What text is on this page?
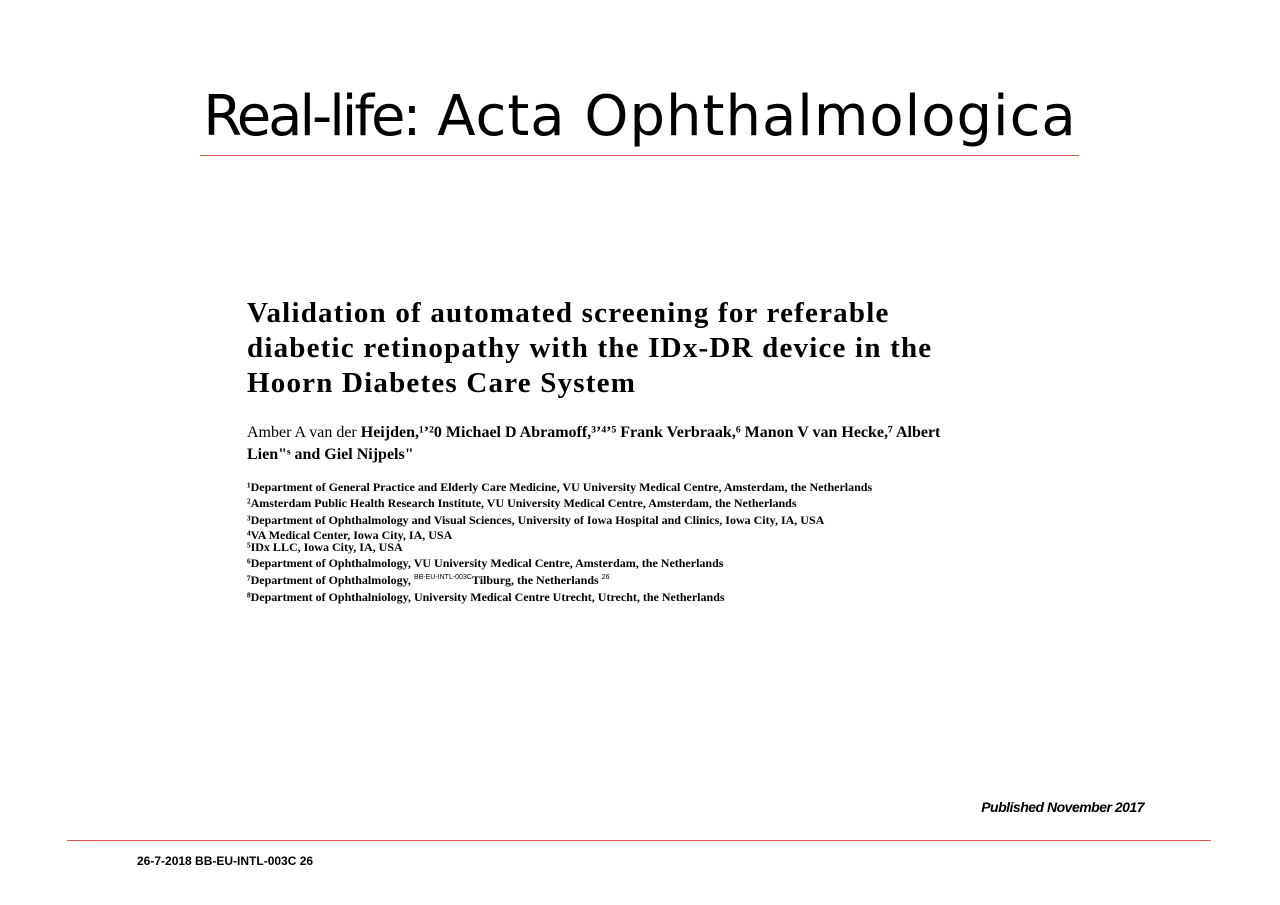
Real-life: Acta Ophthalmologica
Validation of automated screening for referable
diabetic retinopathy with the IDx-DR device in the
Hoorn Diabetes Care System
Amber A van der Heijden,¹’²0 Michael D Abramoff,³’⁴’⁵ Frank Verbraak,⁶ Manon V van Hecke,⁷ Albert Lien"ˢ and Giel Nijpels"
¹Department of General Practice and Elderly Care Medicine, VU University Medical Centre, Amsterdam, the Netherlands
²Amsterdam Public Health Research Institute, VU University Medical Centre, Amsterdam, the Netherlands
³Department of Ophthalmology and Visual Sciences, University of Iowa Hospital and Clinics, Iowa City, IA, USA
⁴VA Medical Center, Iowa City, IA, USA
⁵IDx LLC, Iowa City, IA, USA
⁶Department of Ophthalmology, VU University Medical Centre, Amsterdam, the Netherlands
⁷Department of Ophthalmology, $^{BB-EU-INTL-003C}$Tilburg, the Netherlands $^{26}$
⁸Department of Ophthalniology, University Medical Centre Utrecht, Utrecht, the Netherlands
Published November 2017
26-7-2018 BB-EU-INTL-003C 26
